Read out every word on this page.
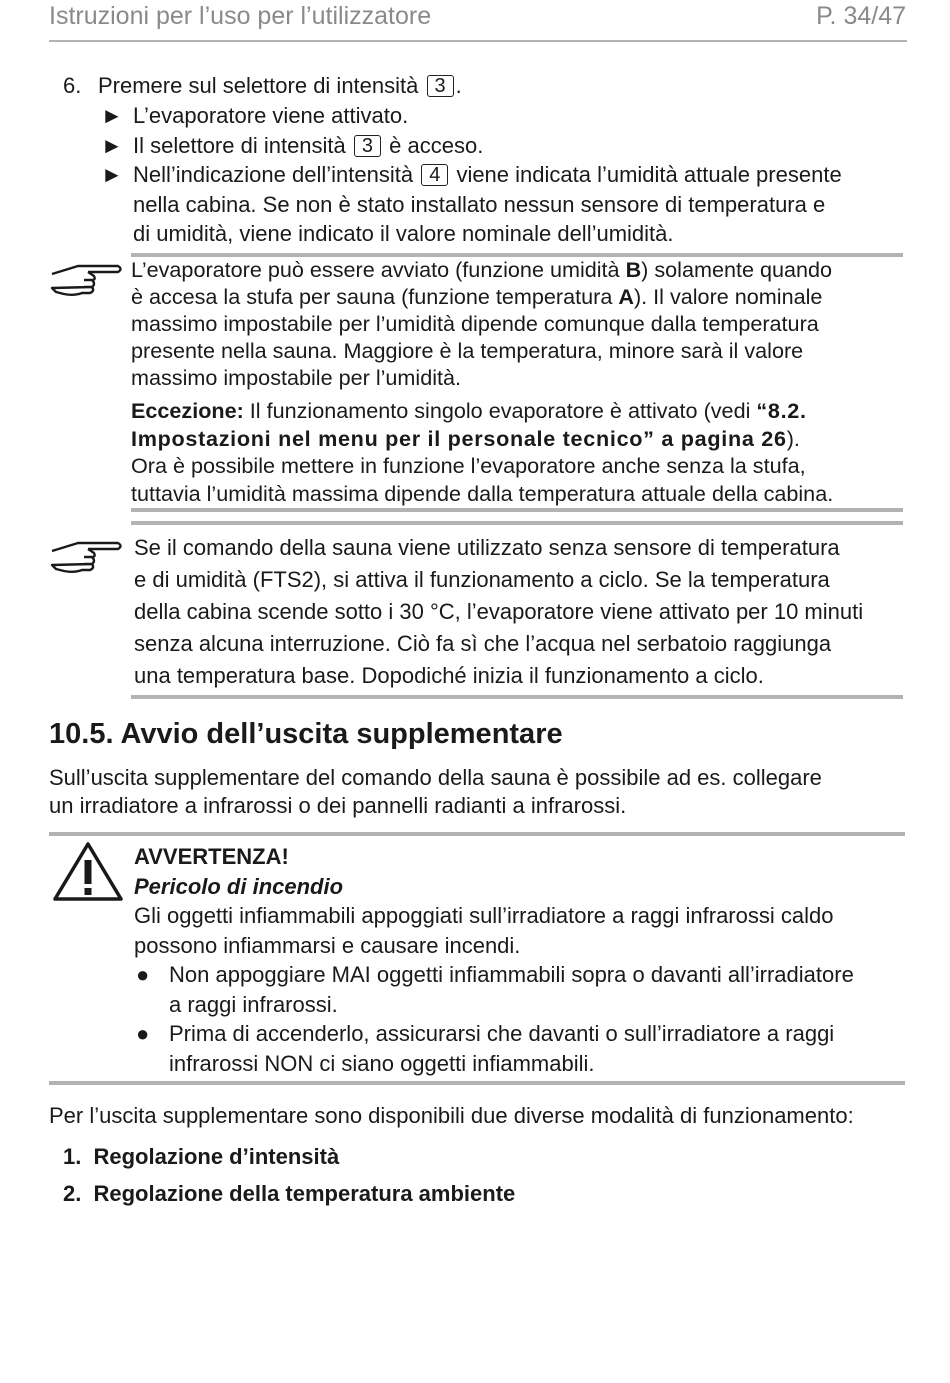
Istruzioni per l’uso per l’utilizzatore	P. 34/47
6. Premere sul selettore di intensità 3 .
► L’evaporatore viene attivato.
► Il selettore di intensità 3 è acceso.
► Nell’indicazione dell’intensità 4 viene indicata l’umidità attuale presente
nella cabina. Se non è stato installato nessun sensore di temperatura e
di umidità, viene indicato il valore nominale dell’umidità.
L’evaporatore può essere avviato (funzione umidità B) solamente quando
è accesa la stufa per sauna (funzione temperatura A). Il valore nominale
massimo impostabile per l’umidità dipende comunque dalla temperatura
presente nella sauna. Maggiore è la temperatura, minore sarà il valore
massimo impostabile per l’umidità.
Eccezione: Il funzionamento singolo evaporatore è attivato (vedi “8.2.
Impostazioni nel menu per il personale tecnico” a pagina 26).
Ora è possibile mettere in funzione l’evaporatore anche senza la stufa,
tuttavia l’umidità massima dipende dalla temperatura attuale della cabina.
Se il comando della sauna viene utilizzato senza sensore di temperatura
e di umidità (FTS2), si attiva il funzionamento a ciclo. Se la temperatura
della cabina scende sotto i 30 °C, l’evaporatore viene attivato per 10 minuti
senza alcuna interruzione. Ciò fa sì che l’acqua nel serbatoio raggiunga
una temperatura base. Dopodiché inizia il funzionamento a ciclo.
10.5. Avvio dell’uscita supplementare
Sull’uscita supplementare del comando della sauna è possibile ad es. collegare
un irradiatore a infrarossi o dei pannelli radianti a infrarossi.
AVVERTENZA!
Pericolo di incendio
Gli oggetti infiammabili appoggiati sull’irradiatore a raggi infrarossi caldo
possono infiammarsi e causare incendi.
● Non appoggiare MAI oggetti infiammabili sopra o davanti all’irradiatore
a raggi infrarossi.
● Prima di accenderlo, assicurarsi che davanti o sull’irradiatore a raggi
infrarossi NON ci siano oggetti infiammabili.
Per l’uscita supplementare sono disponibili due diverse modalità di funzionamento:
1. Regolazione d’intensità
2. Regolazione della temperatura ambiente
